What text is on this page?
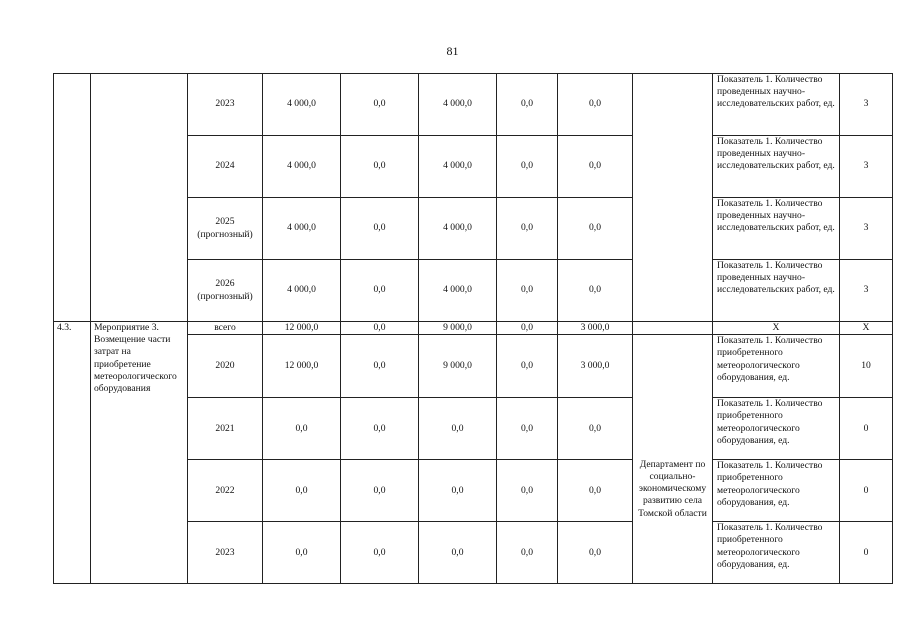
81
		2023	4 000,0	0,0	4 000,0	0,0	0,0		Показатель 1. Количество проведенных научно-исследовательских работ, ед.	3
		2024	4 000,0	0,0	4 000,0	0,0	0,0		Показатель 1. Количество проведенных научно-исследовательских работ, ед.	3
		2025
(прогнозный)	4 000,0	0,0	4 000,0	0,0	0,0		Показатель 1. Количество проведенных научно-исследовательских работ, ед.	3
		2026
(прогнозный)	4 000,0	0,0	4 000,0	0,0	0,0		Показатель 1. Количество проведенных научно-исследовательских работ, ед.	3
4.3.	Мероприятие 3. Возмещение части затрат на приобретение метеорологического оборудования	всего	12 000,0	0,0	9 000,0	0,0	3 000,0		Х	Х
		2020	12 000,0	0,0	9 000,0	0,0	3 000,0	Департамент по социально-экономическому развитию села Томской области	Показатель 1. Количество приобретенного метеорологического оборудования, ед.	10
		2021	0,0	0,0	0,0	0,0	0,0		Показатель 1. Количество приобретенного метеорологического оборудования, ед.	0
		2022	0,0	0,0	0,0	0,0	0,0		Показатель 1. Количество приобретенного метеорологического оборудования, ед.	0
		2023	0,0	0,0	0,0	0,0	0,0		Показатель 1. Количество приобретенного метеорологического оборудования, ед.	0
